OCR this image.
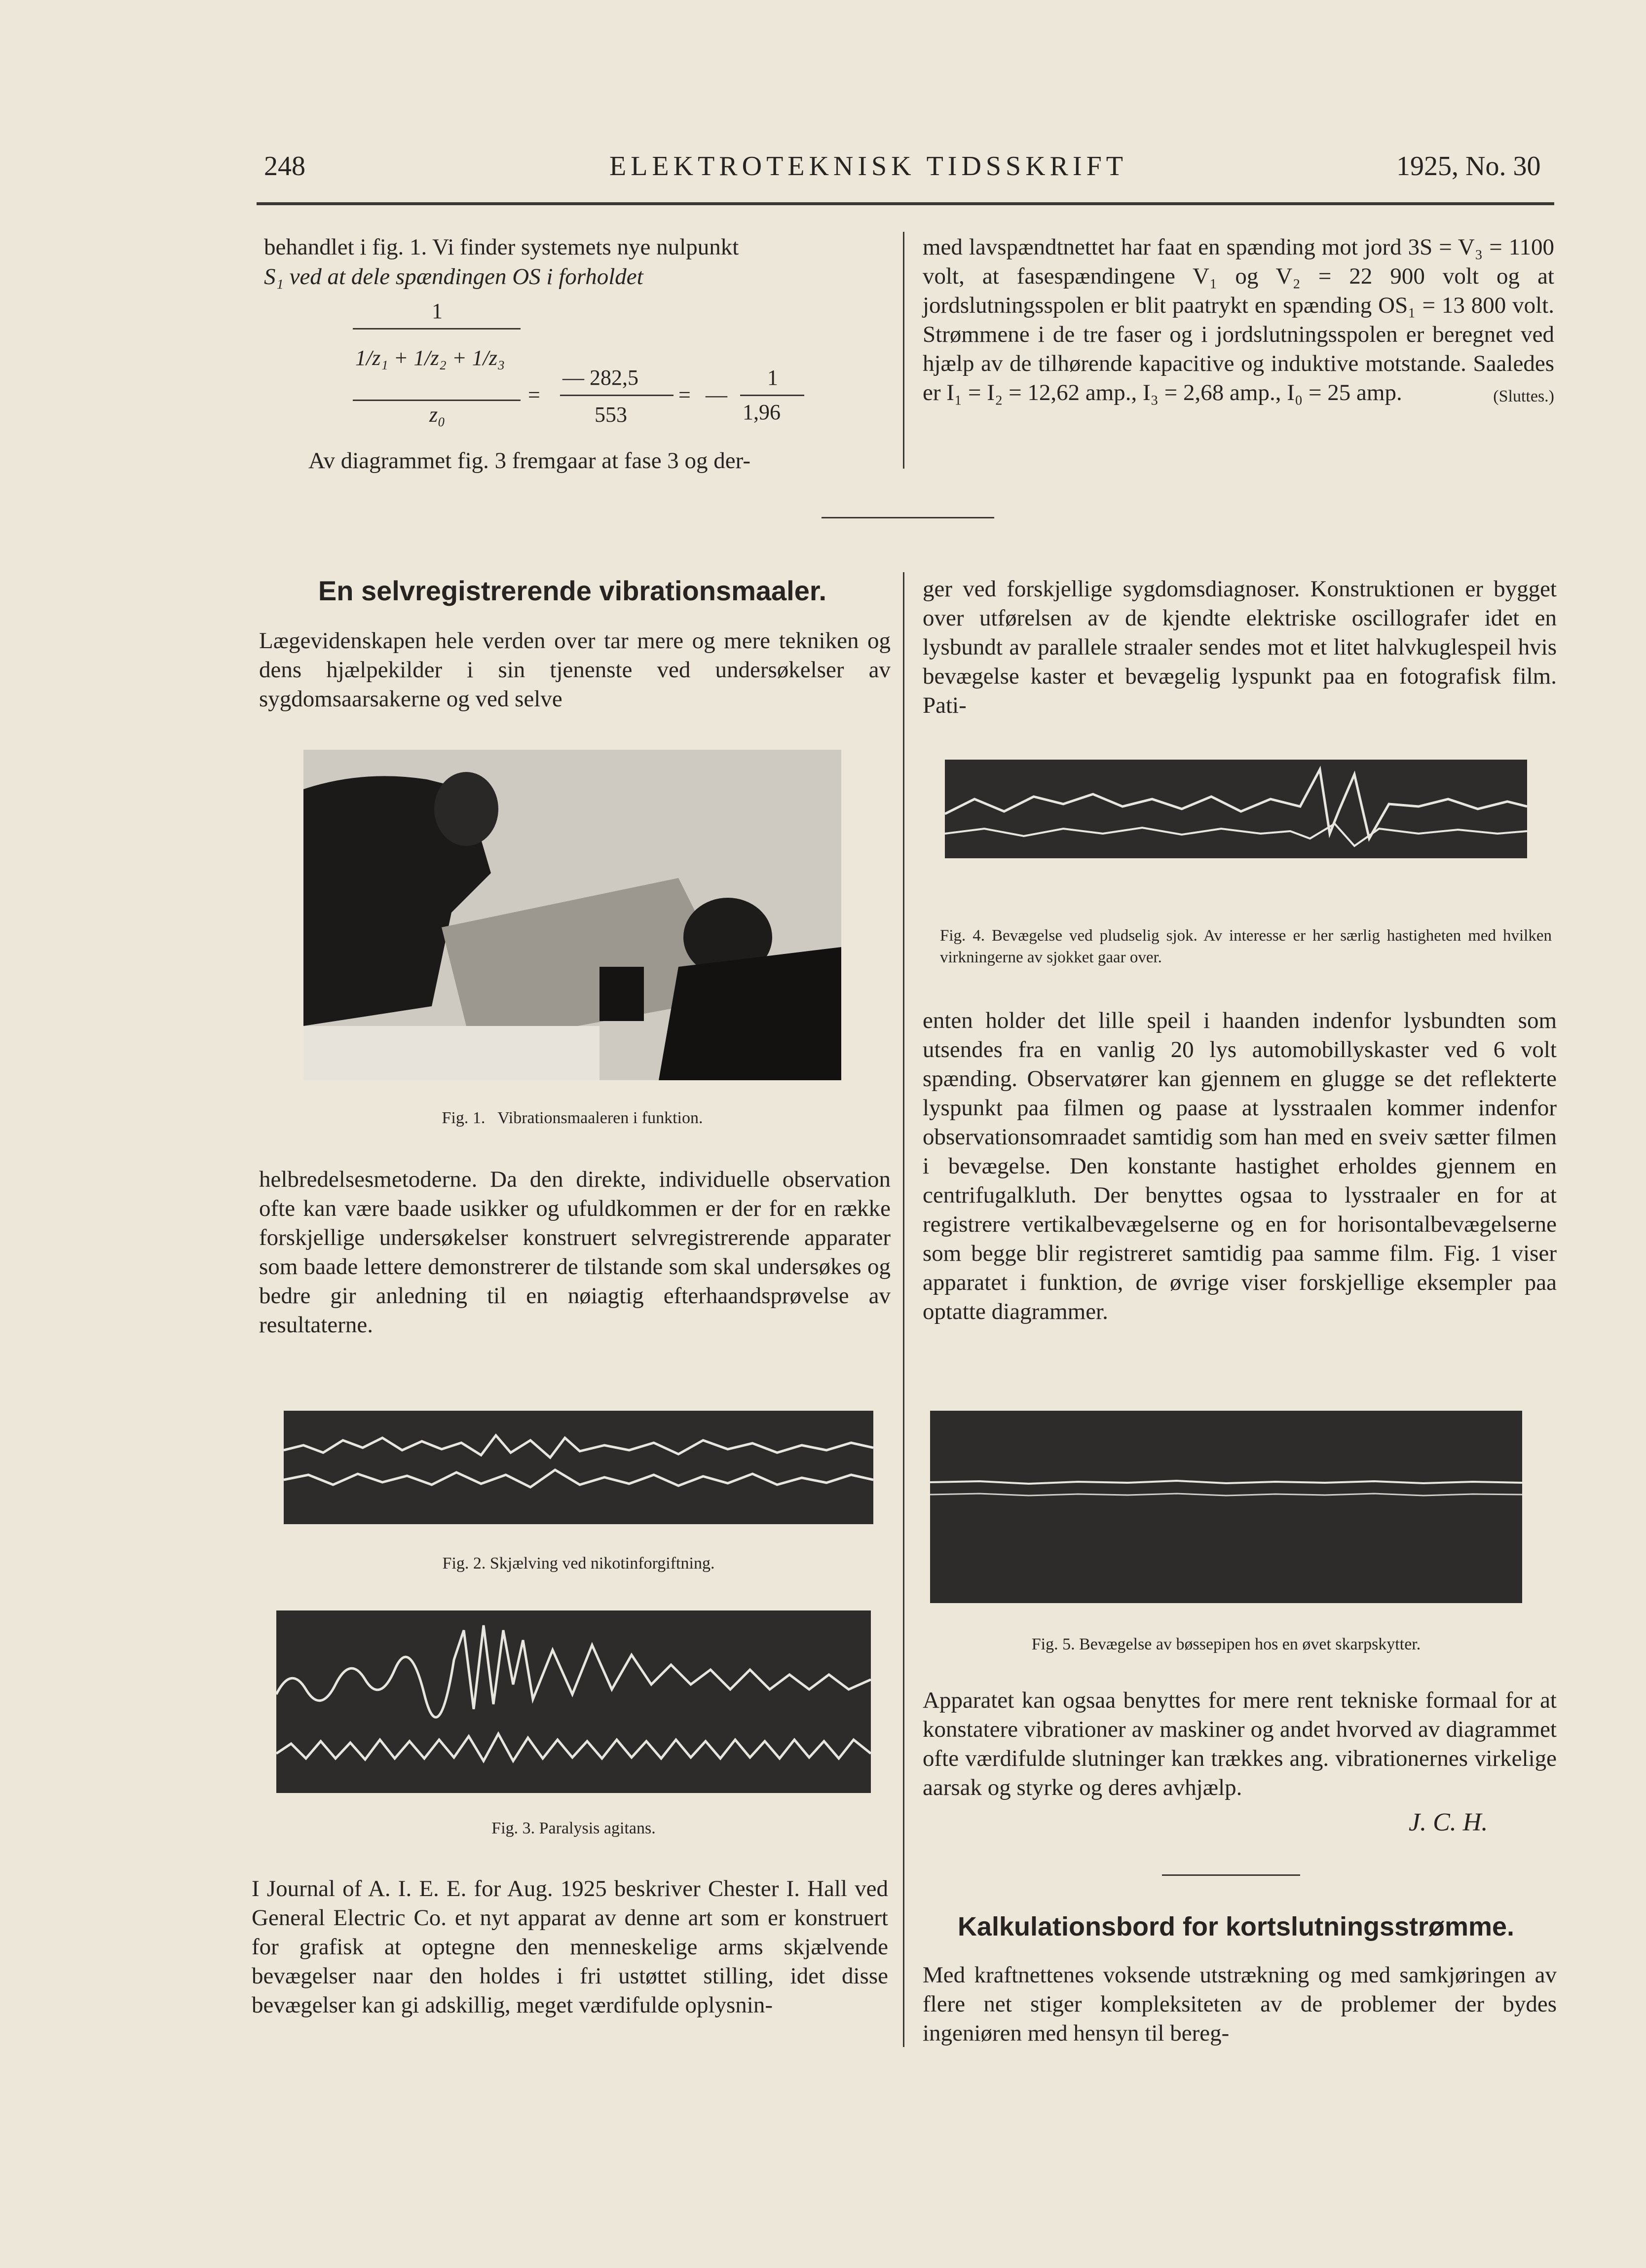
248	ELEKTROTEKNISK TIDSSKRIFT	1925, No. 30
behandlet i fig. 1. Vi finder systemets nye nulpunkt
S₁ ved at dele spændingen OS i forholdet
1
1/z₁ + 1/z₂ + 1/z₃
z₀
=
— 282,5
553
= —
1
1,96
Av diagrammet fig. 3 fremgaar at fase 3 og der-

med lavspændtnettet har faat en spænding mot jord 3S = V₃ = 1100 volt, at fasespændingene V₁ og V₂ = 22 900 volt og at jordslutningsspolen er blit paatrykt en spænding OS₁ = 13 800 volt. Strømmene i de tre faser og i jordslutningsspolen er beregnet ved hjælp av de tilhørende kapacitive og induktive motstande. Saaledes er I₁ = I₂ = 12,62 amp., I₃ = 2,68 amp., I₀ = 25 amp.	(Sluttes.)

En selvregistrerende vibrationsmaaler.
Lægevidenskapen hele verden over tar mere og mere tekniken og dens hjælpekilder i sin tjenenste ved undersøkelser av sygdomsaarsakerne og ved selve
Fig. 1.   Vibrationsmaaleren i funktion.
helbredelsesmetoderne. Da den direkte, individuelle observation ofte kan være baade usikker og ufuldkommen er der for en række forskjellige undersøkelser konstruert selvregistrerende apparater som baade lettere demonstrerer de tilstande som skal undersøkes og bedre gir anledning til en nøiagtig efterhaandsprøvelse av resultaterne.
Fig. 2. Skjælving ved nikotinforgiftning.
Fig. 3. Paralysis agitans.
I Journal of A. I. E. E. for Aug. 1925 beskriver Chester I. Hall ved General Electric Co. et nyt apparat av denne art som er konstruert for grafisk at optegne den menneskelige arms skjælvende bevægelser naar den holdes i fri ustøttet stilling, idet disse bevægelser kan gi adskillig, meget værdifulde oplysnin-
ger ved forskjellige sygdomsdiagnoser. Konstruktionen er bygget over utførelsen av de kjendte elektriske oscillografer idet en lysbundt av parallele straaler sendes mot et litet halvkuglespeil hvis bevægelse kaster et bevægelig lyspunkt paa en fotografisk film. Pati-
Fig. 4. Bevægelse ved pludselig sjok. Av interesse er her særlig hastigheten med hvilken virkningerne av sjokket gaar over.
enten holder det lille speil i haanden indenfor lysbundten som utsendes fra en vanlig 20 lys automobillyskaster ved 6 volt spænding. Observatører kan gjennem en glugge se det reflekterte lyspunkt paa filmen og paase at lysstraalen kommer indenfor observationsomraadet samtidig som han med en sveiv sætter filmen i bevægelse. Den konstante hastighet erholdes gjennem en centrifugalkluth. Der benyttes ogsaa to lysstraaler en for at registrere vertikalbevægelserne og en for horisontalbevægelserne som begge blir registreret samtidig paa samme film. Fig. 1 viser apparatet i funktion, de øvrige viser forskjellige eksempler paa optatte diagrammer.
Fig. 5. Bevægelse av bøssepipen hos en øvet skarpskytter.
Apparatet kan ogsaa benyttes for mere rent tekniske formaal for at konstatere vibrationer av maskiner og andet hvorved av diagrammet ofte værdifulde slutninger kan trækkes ang. vibrationernes virkelige aarsak og styrke og deres avhjælp.
J. C. H.
Kalkulationsbord for kortslutningsstrømme.
Med kraftnettenes voksende utstrækning og med samkjøringen av flere net stiger kompleksiteten av de problemer der bydes ingeniøren med hensyn til bereg-
